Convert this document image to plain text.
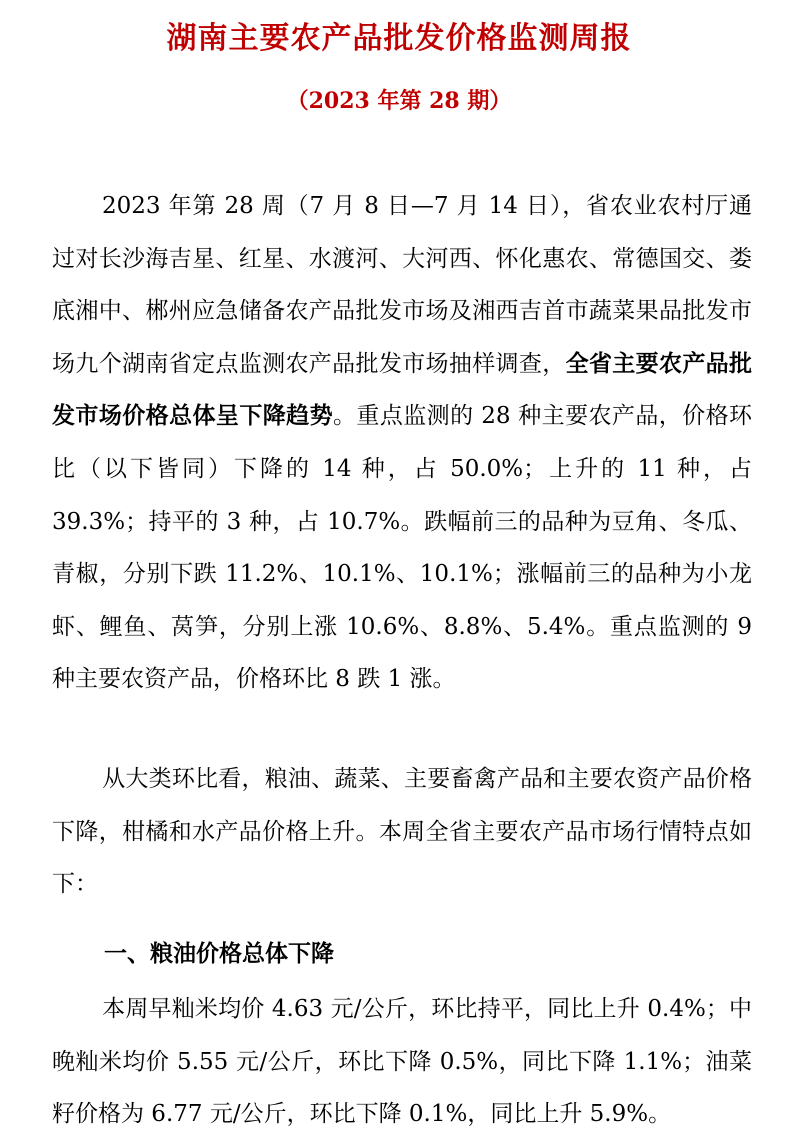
湖南主要农产品批发价格监测周报
（2023 年第 28 期）

2023 年第 28 周（7 月 8 日—7 月 14 日），省农业农村厅通过对长沙海吉星、红星、水渡河、大河西、怀化惠农、常德国交、娄底湘中、郴州应急储备农产品批发市场及湘西吉首市蔬菜果品批发市场九个湖南省定点监测农产品批发市场抽样调查，全省主要农产品批发市场价格总体呈下降趋势。重点监测的 28 种主要农产品，价格环比（以下皆同）下降的 14 种，占 50.0%；上升的 11 种，占 39.3%；持平的 3 种，占 10.7%。跌幅前三的品种为豆角、冬瓜、青椒，分别下跌 11.2%、10.1%、10.1%；涨幅前三的品种为小龙虾、鲤鱼、莴笋，分别上涨 10.6%、8.8%、5.4%。重点监测的 9 种主要农资产品，价格环比 8 跌 1 涨。

从大类环比看，粮油、蔬菜、主要畜禽产品和主要农资产品价格下降，柑橘和水产品价格上升。本周全省主要农产品市场行情特点如下：

一、粮油价格总体下降

本周早籼米均价 4.63 元/公斤，环比持平，同比上升 0.4%；中晚籼米均价 5.55 元/公斤，环比下降 0.5%，同比下降 1.1%；油菜籽价格为 6.77 元/公斤，环比下降 0.1%，同比上升 5.9%。
